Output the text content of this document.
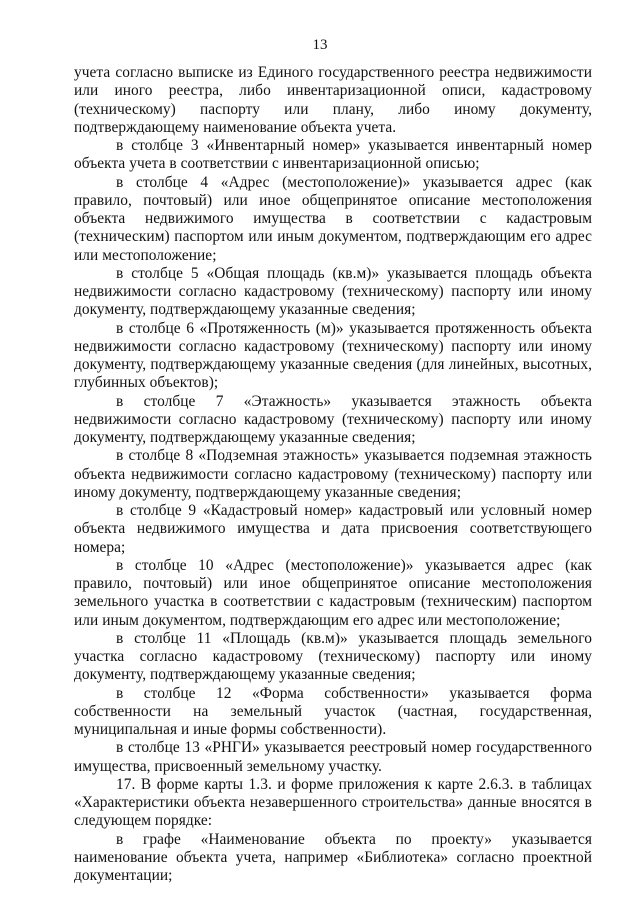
13

учета согласно выписке из Единого государственного реестра недвижимости или иного реестра, либо инвентаризационной описи, кадастровому (техническому) паспорту или плану, либо иному документу, подтверждающему наименование объекта учета.

в столбце 3 «Инвентарный номер» указывается инвентарный номер объекта учета в соответствии с инвентаризационной описью;

в столбце 4 «Адрес (местоположение)» указывается адрес (как правило, почтовый) или иное общепринятое описание местоположения объекта недвижимого имущества в соответствии с кадастровым (техническим) паспортом или иным документом, подтверждающим его адрес или местоположение;

в столбце 5 «Общая площадь (кв.м)» указывается площадь объекта недвижимости согласно кадастровому (техническому) паспорту или иному документу, подтверждающему указанные сведения;

в столбце 6 «Протяженность (м)» указывается протяженность объекта недвижимости согласно кадастровому (техническому) паспорту или иному документу, подтверждающему указанные сведения (для линейных, высотных, глубинных объектов);

в столбце 7 «Этажность» указывается этажность объекта недвижимости согласно кадастровому (техническому) паспорту или иному документу, подтверждающему указанные сведения;

в столбце 8 «Подземная этажность» указывается подземная этажность объекта недвижимости согласно кадастровому (техническому) паспорту или иному документу, подтверждающему указанные сведения;

в столбце 9 «Кадастровый номер» кадастровый или условный номер объекта недвижимого имущества и дата присвоения соответствующего номера;

в столбце 10 «Адрес (местоположение)» указывается адрес (как правило, почтовый) или иное общепринятое описание местоположения земельного участка в соответствии с кадастровым (техническим) паспортом или иным документом, подтверждающим его адрес или местоположение;

в столбце 11 «Площадь (кв.м)» указывается площадь земельного участка согласно кадастровому (техническому) паспорту или иному документу, подтверждающему указанные сведения;

в столбце 12 «Форма собственности» указывается форма собственности на земельный участок (частная, государственная, муниципальная и иные формы собственности).

в столбце 13 «РНГИ» указывается реестровый номер государственного имущества, присвоенный земельному участку.

17. В форме карты 1.3. и форме приложения к карте 2.6.3. в таблицах «Характеристики объекта незавершенного строительства» данные вносятся в следующем порядке:

в графе «Наименование объекта по проекту» указывается наименование объекта учета, например «Библиотека» согласно проектной документации;
